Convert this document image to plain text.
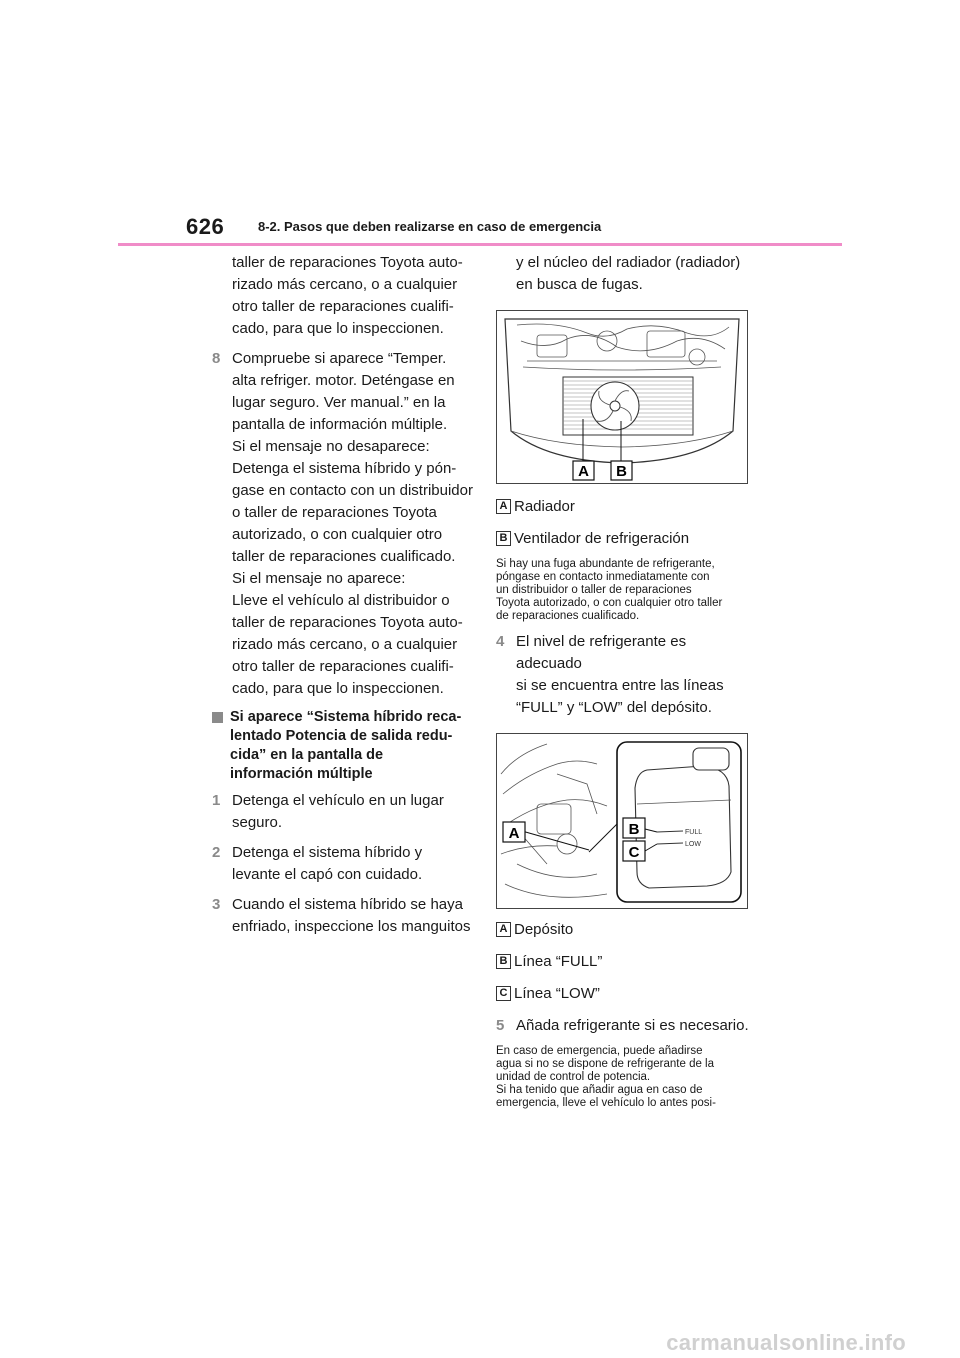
626	8-2. Pasos que deben realizarse en caso de emergencia

taller de reparaciones Toyota auto-

rizado más cercano, o a cualquier

otro taller de reparaciones cualifi-

cado, para que lo inspeccionen.

8 Compruebe si aparece “Temper.

alta refriger. motor. Deténgase en

lugar seguro. Ver manual.” en la

pantalla de información múltiple.

Si el mensaje no desaparece:

Detenga el sistema híbrido y pón-

gase en contacto con un distribuidor

o taller de reparaciones Toyota

autorizado, o con cualquier otro

taller de reparaciones cualificado.

Si el mensaje no aparece:

Lleve el vehículo al distribuidor o

taller de reparaciones Toyota auto-

rizado más cercano, o a cualquier

otro taller de reparaciones cualifi-

cado, para que lo inspeccionen.

Si aparece “Sistema híbrido reca-

lentado Potencia de salida redu-

cida” en la pantalla de

información múltiple

1 Detenga el vehículo en un lugar

seguro.

2 Detenga el sistema híbrido y

levante el capó con cuidado.

3 Cuando el sistema híbrido se haya

enfriado, inspeccione los manguitos

y el núcleo del radiador (radiador)

en busca de fugas.

A B
A Radiador
B Ventilador de refrigeración

Si hay una fuga abundante de refrigerante,

póngase en contacto inmediatamente con

un distribuidor o taller de reparaciones

Toyota autorizado, o con cualquier otro taller

de reparaciones cualificado.

4 El nivel de refrigerante es adecuado

si se encuentra entre las líneas

“FULL” y “LOW” del depósito.

FULL
LOW
A	B
C
A Depósito
B Línea “FULL”
C Línea “LOW”
5 Añada refrigerante si es necesario.

En caso de emergencia, puede añadirse

agua si no se dispone de refrigerante de la

unidad de control de potencia.

Si ha tenido que añadir agua en caso de

emergencia, lleve el vehículo lo antes posi-

carmanualsonline.info
